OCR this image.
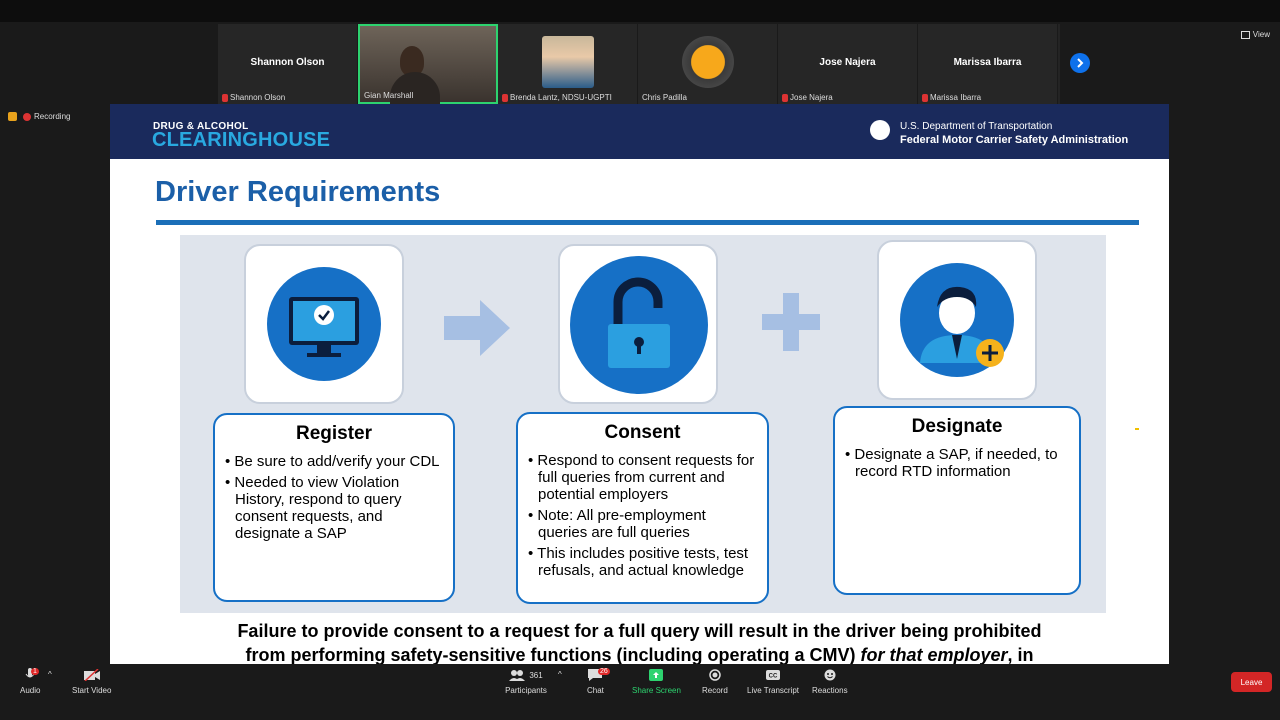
View
Shannon Olson
Shannon Olson	Gian Marshall	Brenda Lantz, NDSU-UGPTI	Chris Padilla
Jose Najera
Jose Najera
Marissa Ibarra
Marissa Ibarra
Recording
DRUG & ALCOHOL
CLEARINGHOUSE
U.S. Department of Transportation
Federal Motor Carrier Safety Administration
Driver Requirements
Register
• Be sure to add/verify your CDL
• Needed to view Violation History, respond to query consent requests, and designate a SAP
Consent
• Respond to consent requests for full queries from current and potential employers
• Note: All pre-employment queries are full queries
• This includes positive tests, test refusals, and actual knowledge
Designate
• Designate a SAP, if needed, to record RTD information
Failure to provide consent to a request for a full query will result in the driver being prohibited
from performing safety-sensitive functions (including operating a CMV) for that employer, in
1
Audio
^
Start Video
361
Participants
^	26
Chat	Share Screen	Record
CC
Live Transcript Reactions
Leave
